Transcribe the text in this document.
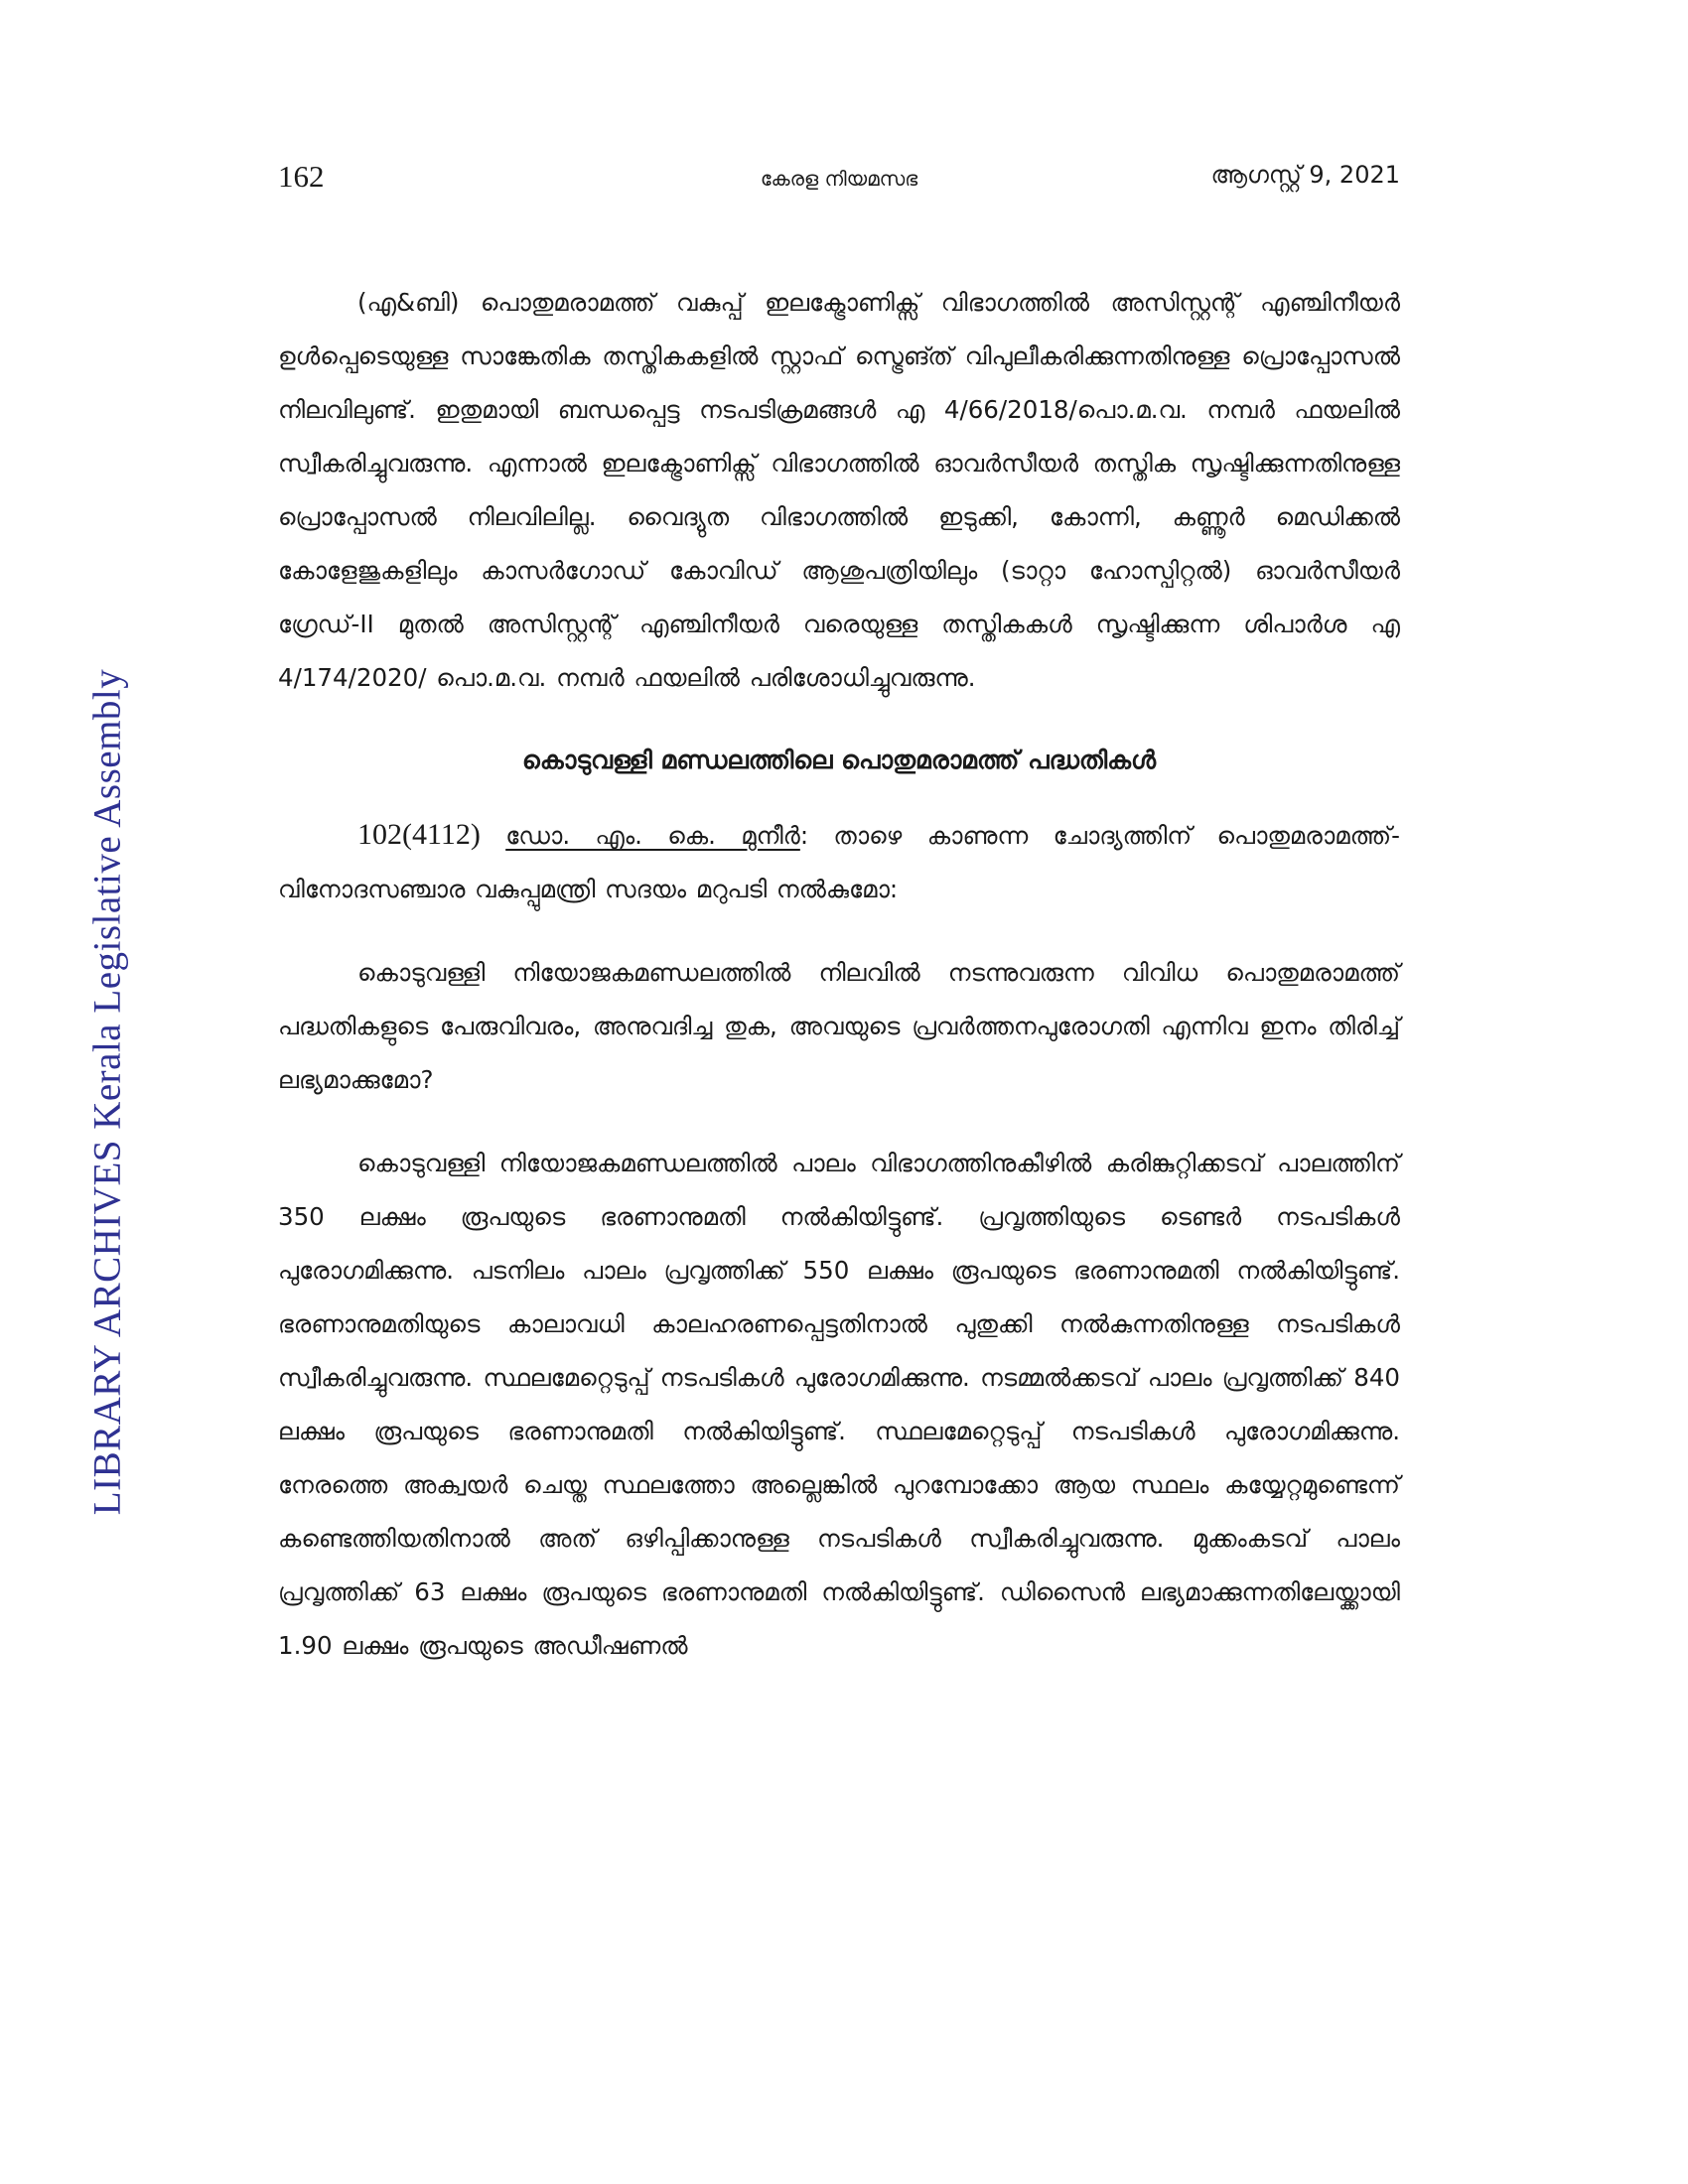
162	കേരള നിയമസഭ	ആഗസ്റ്റ് 9, 2021
LIBRARY ARCHIVES Kerala Legislative Assembly

(എ&ബി) പൊതുമരാമത്ത് വകുപ്പ് ഇലക്ട്രോണിക്സ് വിഭാഗത്തിൽ അസിസ്റ്റന്റ് എഞ്ചിനീയർ ഉൾപ്പെടെയുള്ള സാങ്കേതിക തസ്തികകളിൽ സ്റ്റാഫ് സ്ട്രെങ്ത് വിപുലീകരിക്കുന്നതിനുള്ള പ്രൊപ്പോസൽ നിലവിലുണ്ട്. ഇതുമായി ബന്ധപ്പെട്ട നടപടിക്രമങ്ങൾ എ 4/66/2018/പൊ.മ.വ. നമ്പർ ഫയലിൽ സ്വീകരിച്ചുവരുന്നു. എന്നാൽ ഇലക്ട്രോണിക്സ് വിഭാഗത്തിൽ ഓവർസീയർ തസ്തിക സൃഷ്ടിക്കുന്നതിനുള്ള പ്രൊപ്പോസൽ നിലവിലില്ല. വൈദ്യുത വിഭാഗത്തിൽ ഇടുക്കി, കോന്നി, കണ്ണൂർ മെഡിക്കൽ കോളേജുകളിലും കാസർഗോഡ് കോവിഡ് ആശുപത്രിയിലും (ടാറ്റാ ഹോസ്പിറ്റൽ) ഓവർസീയർ ഗ്രേഡ്-II മുതൽ അസിസ്റ്റന്റ് എഞ്ചിനീയർ വരെയുള്ള തസ്തികകൾ സൃഷ്ടിക്കുന്ന ശിപാർശ എ 4/174/2020/ പൊ.മ.വ. നമ്പർ ഫയലിൽ പരിശോധിച്ചുവരുന്നു.

കൊടുവള്ളി മണ്ഡലത്തിലെ പൊതുമരാമത്ത് പദ്ധതികൾ

102(4112) ഡോ. എം. കെ. മുനീർ: താഴെ കാണുന്ന ചോദ്യത്തിന് പൊതുമരാമത്ത്-വിനോദസഞ്ചാര വകുപ്പുമന്ത്രി സദയം മറുപടി നൽകുമോ:

കൊടുവള്ളി നിയോജകമണ്ഡലത്തിൽ നിലവിൽ നടന്നുവരുന്ന വിവിധ പൊതുമരാമത്ത് പദ്ധതികളുടെ പേരുവിവരം, അനുവദിച്ച തുക, അവയുടെ പ്രവർത്തനപുരോഗതി എന്നിവ ഇനം തിരിച്ച് ലഭ്യമാക്കുമോ?

കൊടുവള്ളി നിയോജകമണ്ഡലത്തിൽ പാലം വിഭാഗത്തിനുകീഴിൽ കരിങ്കുറ്റിക്കടവ് പാലത്തിന് 350 ലക്ഷം രൂപയുടെ ഭരണാനുമതി നൽകിയിട്ടുണ്ട്. പ്രവൃത്തിയുടെ ടെണ്ടർ നടപടികൾ പുരോഗമിക്കുന്നു. പടനിലം പാലം പ്രവൃത്തിക്ക് 550 ലക്ഷം രൂപയുടെ ഭരണാനുമതി നൽകിയിട്ടുണ്ട്. ഭരണാനുമതിയുടെ കാലാവധി കാലഹരണപ്പെട്ടതിനാൽ പുതുക്കി നൽകുന്നതിനുള്ള നടപടികൾ സ്വീകരിച്ചുവരുന്നു. സ്ഥലമേറ്റെടുപ്പ് നടപടികൾ പുരോഗമിക്കുന്നു. നടമ്മൽക്കടവ് പാലം പ്രവൃത്തിക്ക് 840 ലക്ഷം രൂപയുടെ ഭരണാനുമതി നൽകിയിട്ടുണ്ട്. സ്ഥലമേറ്റെടുപ്പ് നടപടികൾ പുരോഗമിക്കുന്നു. നേരത്തെ അക്വയർ ചെയ്ത സ്ഥലത്തോ അല്ലെങ്കിൽ പുറമ്പോക്കോ ആയ സ്ഥലം കയ്യേറ്റമുണ്ടെന്ന് കണ്ടെത്തിയതിനാൽ അത് ഒഴിപ്പിക്കാനുള്ള നടപടികൾ സ്വീകരിച്ചുവരുന്നു. മുക്കംകടവ് പാലം പ്രവൃത്തിക്ക് 63 ലക്ഷം രൂപയുടെ ഭരണാനുമതി നൽകിയിട്ടുണ്ട്. ഡിസൈൻ ലഭ്യമാക്കുന്നതിലേയ്ക്കായി 1.90 ലക്ഷം രൂപയുടെ അഡീഷണൽ
